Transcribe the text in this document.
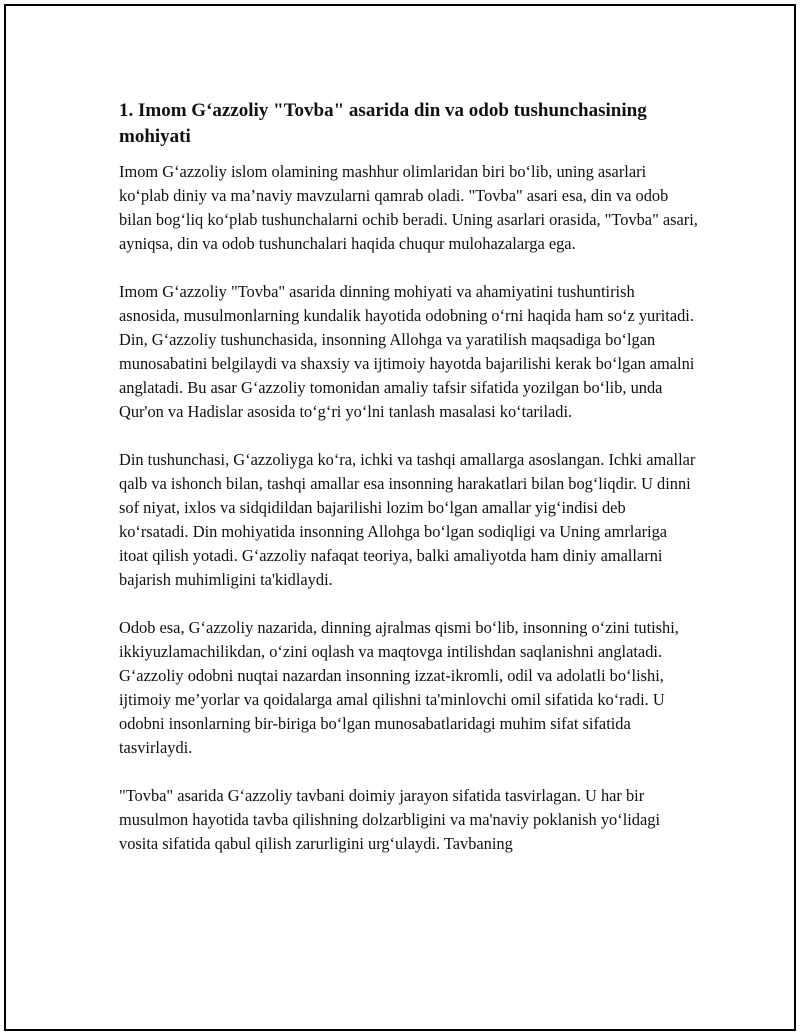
1. Imom G‘azzoliy "Tovba" asarida din va odob tushunchasining mohiyati

Imom G‘azzoliy islom olamining mashhur olimlaridan biri bo‘lib, uning asarlari ko‘plab diniy va ma’naviy mavzularni qamrab oladi. "Tovba" asari esa, din va odob bilan bog‘liq ko‘plab tushunchalarni ochib beradi. Uning asarlari orasida, "Tovba" asari, ayniqsa, din va odob tushunchalari haqida chuqur mulohazalarga ega.

Imom G‘azzoliy "Tovba" asarida dinning mohiyati va ahamiyatini tushuntirish asnosida, musulmonlarning kundalik hayotida odobning o‘rni haqida ham so‘z yuritadi. Din, G‘azzoliy tushunchasida, insonning Allohga va yaratilish maqsadiga bo‘lgan munosabatini belgilaydi va shaxsiy va ijtimoiy hayotda bajarilishi kerak bo‘lgan amalni anglatadi. Bu asar G‘azzoliy tomonidan amaliy tafsir sifatida yozilgan bo‘lib, unda Qur'on va Hadislar asosida to‘g‘ri yo‘lni tanlash masalasi ko‘tariladi.

Din tushunchasi, G‘azzoliyga ko‘ra, ichki va tashqi amallarga asoslangan. Ichki amallar qalb va ishonch bilan, tashqi amallar esa insonning harakatlari bilan bog‘liqdir. U dinni sof niyat, ixlos va sidqidildan bajarilishi lozim bo‘lgan amallar yig‘indisi deb ko‘rsatadi. Din mohiyatida insonning Allohga bo‘lgan sodiqligi va Uning amrlariga itoat qilish yotadi. G‘azzoliy nafaqat teoriya, balki amaliyotda ham diniy amallarni bajarish muhimligini ta'kidlaydi.

Odob esa, G‘azzoliy nazarida, dinning ajralmas qismi bo‘lib, insonning o‘zini tutishi, ikkiyuzlamachilikdan, o‘zini oqlash va maqtovga intilishdan saqlanishni anglatadi. G‘azzoliy odobni nuqtai nazardan insonning izzat-ikromli, odil va adolatli bo‘lishi, ijtimoiy me’yorlar va qoidalarga amal qilishni ta'minlovchi omil sifatida ko‘radi. U odobni insonlarning bir-biriga bo‘lgan munosabatlaridagi muhim sifat sifatida tasvirlaydi.

"Tovba" asarida G‘azzoliy tavbani doimiy jarayon sifatida tasvirlagan. U har bir musulmon hayotida tavba qilishning dolzarbligini va ma'naviy poklanish yo‘lidagi vosita sifatida qabul qilish zarurligini urg‘ulaydi. Tavbaning
